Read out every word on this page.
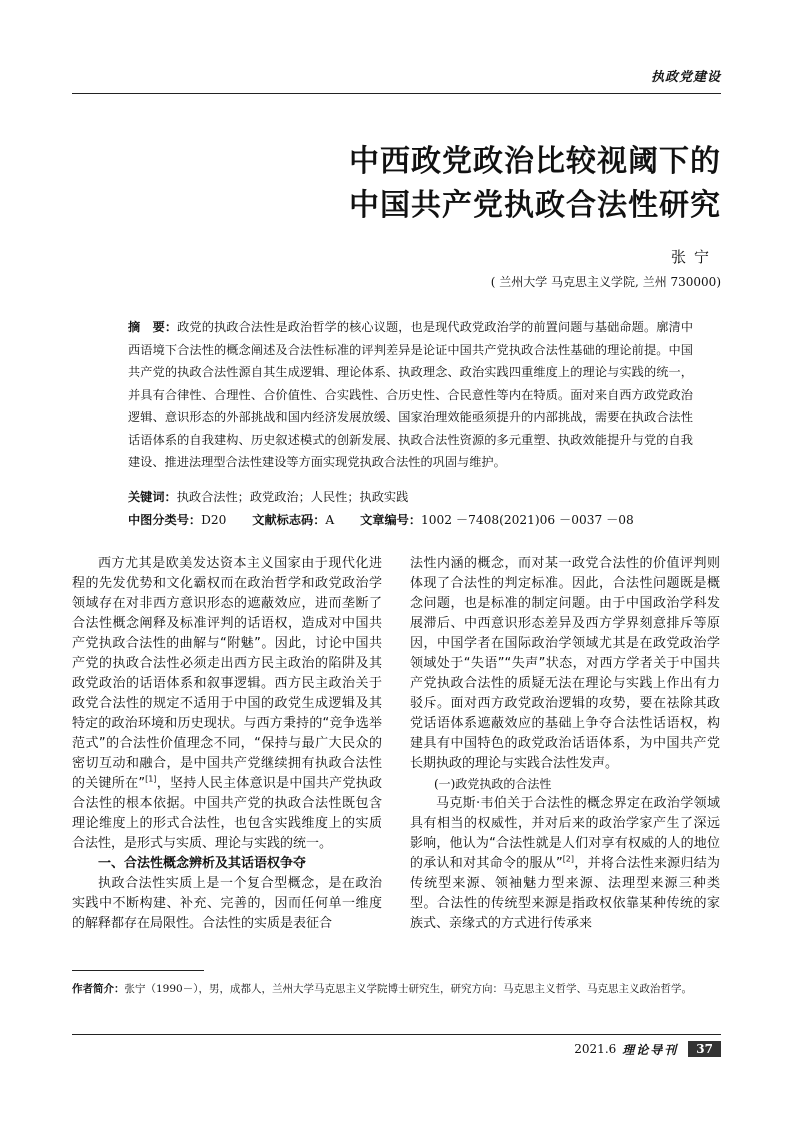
执政党建设
中西政党政治比较视阈下的
中国共产党执政合法性研究
张宁
( 兰州大学 马克思主义学院, 兰州 730000)
摘　要：政党的执政合法性是政治哲学的核心议题，也是现代政党政治学的前置问题与基础命题。廓清中西语境下合法性的概念阐述及合法性标准的评判差异是论证中国共产党执政合法性基础的理论前提。中国共产党的执政合法性源自其生成逻辑、理论体系、执政理念、政治实践四重维度上的理论与实践的统一，并具有合律性、合理性、合价值性、合实践性、合历史性、合民意性等内在特质。面对来自西方政党政治逻辑、意识形态的外部挑战和国内经济发展放缓、国家治理效能亟须提升的内部挑战，需要在执政合法性话语体系的自我建构、历史叙述模式的创新发展、执政合法性资源的多元重塑、执政效能提升与党的自我建设、推进法理型合法性建设等方面实现党执政合法性的巩固与维护。
关键词：执政合法性；政党政治；人民性；执政实践
中图分类号：D20 文献标志码：A 文章编号：1002 －7408(2021)06 －0037 －08

西方尤其是欧美发达资本主义国家由于现代化进程的先发优势和文化霸权而在政治哲学和政党政治学领域存在对非西方意识形态的遮蔽效应，进而垄断了合法性概念阐释及标准评判的话语权，造成对中国共产党执政合法性的曲解与“附魅”。因此，讨论中国共产党的执政合法性必须走出西方民主政治的陷阱及其政党政治的话语体系和叙事逻辑。西方民主政治关于政党合法性的规定不适用于中国的政党生成逻辑及其特定的政治环境和历史现状。与西方秉持的“竞争选举范式”的合法性价值理念不同，“保持与最广大民众的密切互动和融合，是中国共产党继续拥有执政合法性的关键所在”[1]，坚持人民主体意识是中国共产党执政合法性的根本依据。中国共产党的执政合法性既包含理论维度上的形式合法性，也包含实践维度上的实质合法性，是形式与实质、理论与实践的统一。

一、合法性概念辨析及其话语权争夺

执政合法性实质上是一个复合型概念，是在政治实践中不断构建、补充、完善的，因而任何单一维度的解释都存在局限性。合法性的实质是表征合

法性内涵的概念，而对某一政党合法性的价值评判则体现了合法性的判定标准。因此，合法性问题既是概念问题，也是标准的制定问题。由于中国政治学科发展滞后、中西意识形态差异及西方学界刻意排斥等原因，中国学者在国际政治学领域尤其是在政党政治学领域处于“失语”“失声”状态，对西方学者关于中国共产党执政合法性的质疑无法在理论与实践上作出有力驳斥。面对西方政党政治逻辑的攻势，要在祛除其政党话语体系遮蔽效应的基础上争夺合法性话语权，构建具有中国特色的政党政治话语体系，为中国共产党长期执政的理论与实践合法性发声。

(一)政党执政的合法性

马克斯·韦伯关于合法性的概念界定在政治学领域具有相当的权威性，并对后来的政治学家产生了深远影响，他认为“合法性就是人们对享有权威的人的地位的承认和对其命令的服从”[2]，并将合法性来源归结为传统型来源、领袖魅力型来源、法理型来源三种类型。合法性的传统型来源是指政权依靠某种传统的家族式、亲缘式的方式进行传承来

作者简介：张宁（1990－），男，成都人，兰州大学马克思主义学院博士研究生，研究方向：马克思主义哲学、马克思主义政治哲学。
2021.6 理论导刊	37
